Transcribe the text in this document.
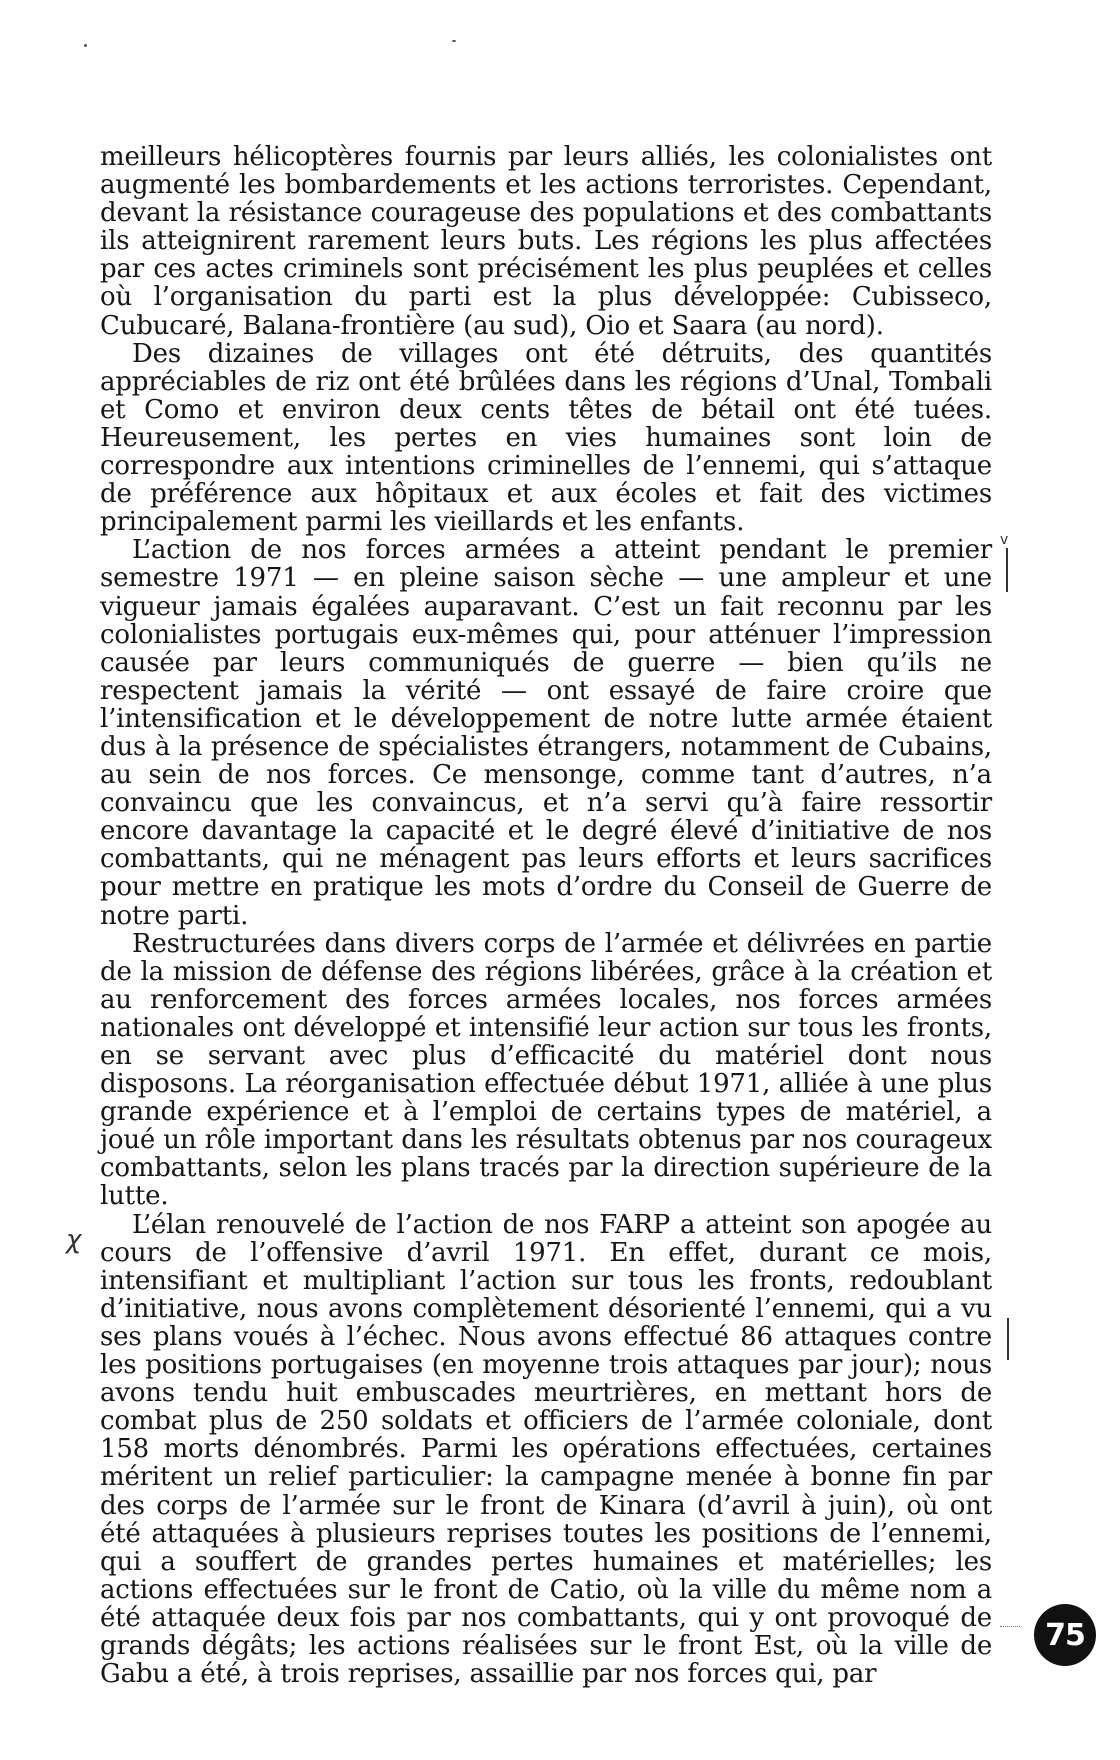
meilleurs hélicoptères fournis par leurs alliés, les colonialistes ont augmenté les bombardements et les actions terroristes. Cependant, devant la résistance courageuse des populations et des combattants ils atteignirent rarement leurs buts. Les régions les plus affectées par ces actes criminels sont précisément les plus peuplées et celles où l’organisation du parti est la plus développée: Cubisseco, Cubucaré, Balana-frontière (au sud), Oio et Saara (au nord).

Des dizaines de villages ont été détruits, des quantités appréciables de riz ont été brûlées dans les régions d’Unal, Tombali et Como et environ deux cents têtes de bétail ont été tuées. Heureusement, les pertes en vies humaines sont loin de correspondre aux intentions criminelles de l’ennemi, qui s’attaque de préférence aux hôpitaux et aux écoles et fait des victimes principalement parmi les vieillards et les enfants.

L’action de nos forces armées a atteint pendant le premier semestre 1971 — en pleine saison sèche — une ampleur et une vigueur jamais égalées auparavant. C’est un fait reconnu par les colonialistes portugais eux-mêmes qui, pour atténuer l’impression causée par leurs communiqués de guerre — bien qu’ils ne respectent jamais la vérité — ont essayé de faire croire que l’intensification et le développement de notre lutte armée étaient dus à la présence de spécialistes étrangers, notamment de Cubains, au sein de nos forces. Ce mensonge, comme tant d’autres, n’a convaincu que les convaincus, et n’a servi qu’à faire ressortir encore davantage la capacité et le degré élevé d’initiative de nos combattants, qui ne ménagent pas leurs efforts et leurs sacrifices pour mettre en pratique les mots d’ordre du Conseil de Guerre de notre parti.

Restructurées dans divers corps de l’armée et délivrées en partie de la mission de défense des régions libérées, grâce à la création et au renforcement des forces armées locales, nos forces armées nationales ont développé et intensifié leur action sur tous les fronts, en se servant avec plus d’efficacité du matériel dont nous disposons. La réorganisation effectuée début 1971, alliée à une plus grande expérience et à l’emploi de certains types de matériel, a joué un rôle important dans les résultats obtenus par nos courageux combattants, selon les plans tracés par la direction supérieure de la lutte.

L’élan renouvelé de l’action de nos FARP a atteint son apogée au cours de l’offensive d’avril 1971. En effet, durant ce mois, intensifiant et multipliant l’action sur tous les fronts, redoublant d’initiative, nous avons complètement désorienté l’ennemi, qui a vu ses plans voués à l’échec. Nous avons effectué 86 attaques contre les positions portugaises (en moyenne trois attaques par jour); nous avons tendu huit embuscades meurtrières, en mettant hors de combat plus de 250 soldats et officiers de l’armée coloniale, dont 158 morts dénombrés. Parmi les opérations effectuées, certaines méritent un relief particulier: la campagne menée à bonne fin par des corps de l’armée sur le front de Kinara (d’avril à juin), où ont été attaquées à plusieurs reprises toutes les positions de l’ennemi, qui a souffert de grandes pertes humaines et matérielles; les actions effectuées sur le front de Catio, où la ville du même nom a été attaquée deux fois par nos combattants, qui y ont provoqué de grands dégâts; les actions réalisées sur le front Est, où la ville de Gabu a été, à trois reprises, assaillie par nos forces qui, par

ⅴ
χ
75
